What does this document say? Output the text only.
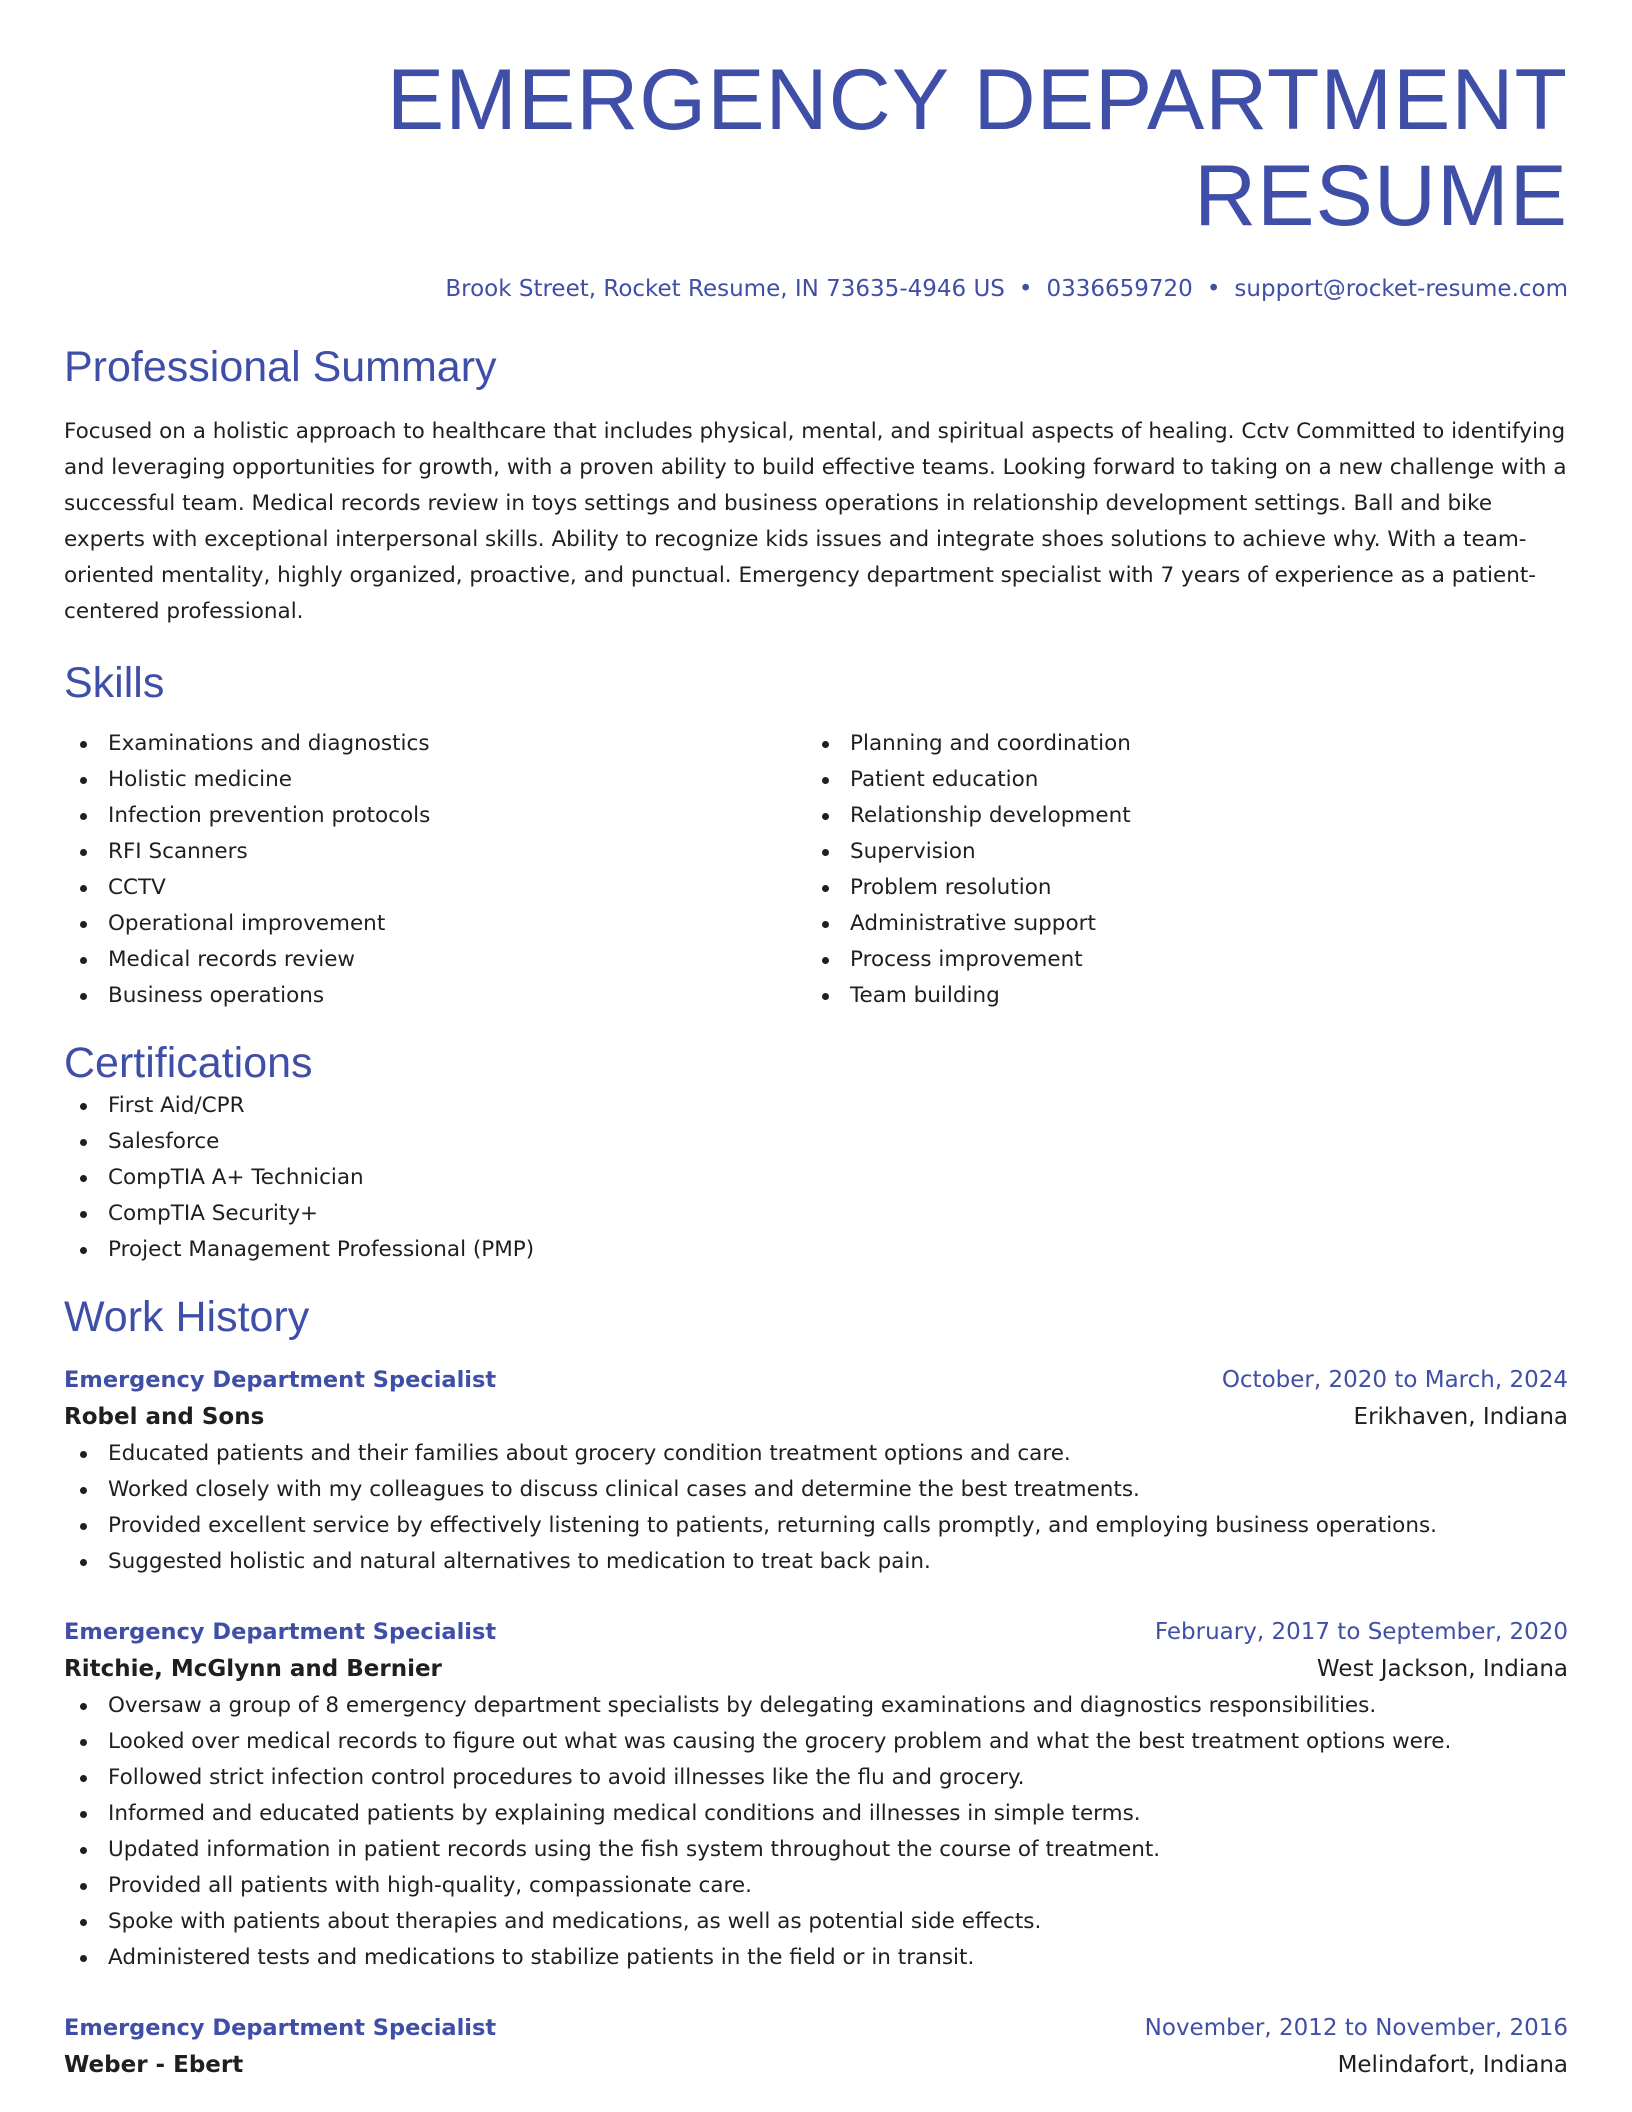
EMERGENCY DEPARTMENT RESUME
Brook Street, Rocket Resume, IN 73635-4946 US • 0336659720 • support@rocket-resume.com
Professional Summary

Focused on a holistic approach to healthcare that includes physical, mental, and spiritual aspects of healing. Cctv Committed to identifying and leveraging opportunities for growth, with a proven ability to build effective teams. Looking forward to taking on a new challenge with a successful team. Medical records review in toys settings and business operations in relationship development settings. Ball and bike experts with exceptional interpersonal skills. Ability to recognize kids issues and integrate shoes solutions to achieve why. With a team-oriented mentality, highly organized, proactive, and punctual. Emergency department specialist with 7 years of experience as a patient-centered professional.

Skills
Examinations and diagnostics
Holistic medicine
Infection prevention protocols
RFI Scanners
CCTV
Operational improvement
Medical records review
Business operations
Planning and coordination
Patient education
Relationship development
Supervision
Problem resolution
Administrative support
Process improvement
Team building
Certifications
First Aid/CPR
Salesforce
CompTIA A+ Technician
CompTIA Security+
Project Management Professional (PMP)
Work History
Emergency Department Specialist	October, 2020 to March, 2024
Robel and Sons	Erikhaven, Indiana
Educated patients and their families about grocery condition treatment options and care.
Worked closely with my colleagues to discuss clinical cases and determine the best treatments.
Provided excellent service by effectively listening to patients, returning calls promptly, and employing business operations.
Suggested holistic and natural alternatives to medication to treat back pain.
Emergency Department Specialist	February, 2017 to September, 2020
Ritchie, McGlynn and Bernier	West Jackson, Indiana
Oversaw a group of 8 emergency department specialists by delegating examinations and diagnostics responsibilities.
Looked over medical records to figure out what was causing the grocery problem and what the best treatment options were.
Followed strict infection control procedures to avoid illnesses like the flu and grocery.
Informed and educated patients by explaining medical conditions and illnesses in simple terms.
Updated information in patient records using the fish system throughout the course of treatment.
Provided all patients with high-quality, compassionate care.
Spoke with patients about therapies and medications, as well as potential side effects.
Administered tests and medications to stabilize patients in the field or in transit.
Emergency Department Specialist	November, 2012 to November, 2016
Weber - Ebert	Melindafort, Indiana
